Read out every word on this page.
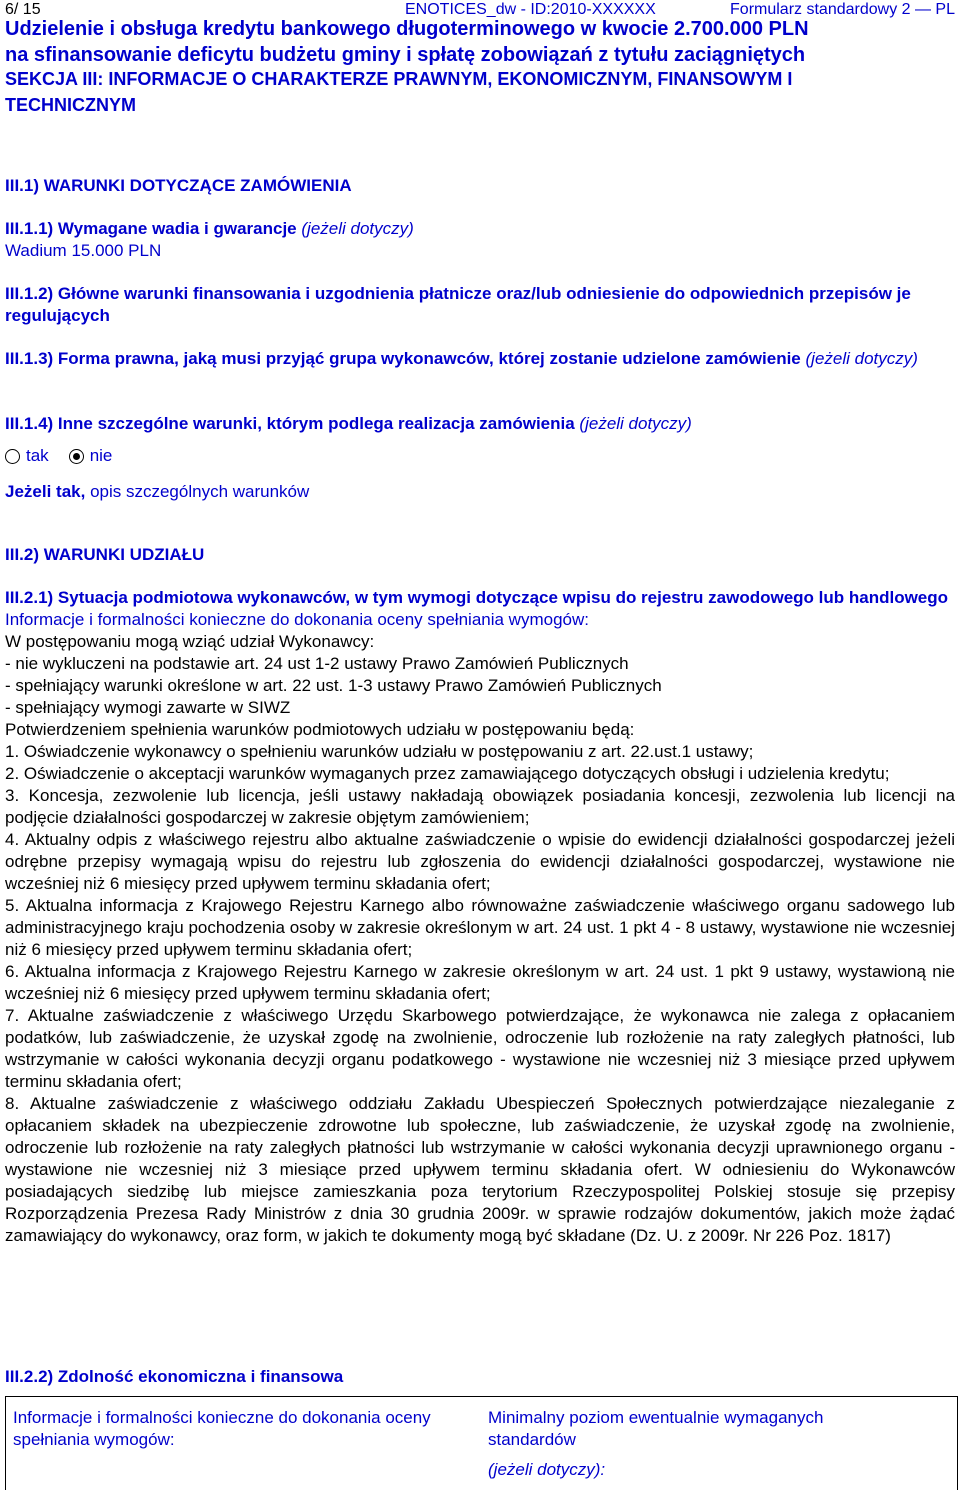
6/ 15	ENOTICES_dw - ID:2010-XXXXXX	Formularz standardowy 2 — PL
Udzielenie i obsługa kredytu bankowego długoterminowego w kwocie 2.700.000 PLN
na sfinansowanie deficytu budżetu gminy i spłatę zobowiązań z tytułu zaciągniętych
SEKCJA III: INFORMACJE O CHARAKTERZE PRAWNYM, EKONOMICZNYM, FINANSOWYM I
TECHNICZNYM
III.1) WARUNKI DOTYCZĄCE ZAMÓWIENIA
III.1.1) Wymagane wadia i gwarancje (jeżeli dotyczy)
Wadium 15.000 PLN
III.1.2) Główne warunki finansowania i uzgodnienia płatnicze oraz/lub odniesienie do odpowiednich przepisów je regulujących
III.1.3) Forma prawna, jaką musi przyjąć grupa wykonawców, której zostanie udzielone zamówienie (jeżeli dotyczy)
III.1.4) Inne szczególne warunki, którym podlega realizacja zamówienia (jeżeli dotyczy)
tak nie
Jeżeli tak, opis szczególnych warunków
III.2) WARUNKI UDZIAŁU
III.2.1) Sytuacja podmiotowa wykonawców, w tym wymogi dotyczące wpisu do rejestru zawodowego lub handlowego
Informacje i formalności konieczne do dokonania oceny spełniania wymogów:
W postępowaniu mogą wziąć udział Wykonawcy:
- nie wykluczeni na podstawie art. 24 ust 1-2 ustawy Prawo Zamówień Publicznych
- spełniający warunki określone w art. 22 ust. 1-3 ustawy Prawo Zamówień Publicznych
- spełniający wymogi zawarte w SIWZ
Potwierdzeniem spełnienia warunków podmiotowych udziału w postępowaniu będą:
1. Oświadczenie wykonawcy o spełnieniu warunków udziału w postępowaniu z art. 22.ust.1 ustawy;
2. Oświadczenie o akceptacji warunków wymaganych przez zamawiającego dotyczących obsługi i udzielenia kredytu;
3. Koncesja, zezwolenie lub licencja, jeśli ustawy nakładają obowiązek posiadania koncesji, zezwolenia lub licencji na podjęcie działalności gospodarczej w zakresie objętym zamówieniem;
4. Aktualny odpis z właściwego rejestru albo aktualne zaświadczenie o wpisie do ewidencji działalności gospodarczej jeżeli odrębne przepisy wymagają wpisu do rejestru lub zgłoszenia do ewidencji działalności gospodarczej, wystawione nie wcześniej niż 6 miesięcy przed upływem terminu składania ofert;
5. Aktualna informacja z Krajowego Rejestru Karnego albo równoważne zaświadczenie właściwego organu sadowego lub administracyjnego kraju pochodzenia osoby w zakresie określonym w art. 24 ust. 1 pkt 4 - 8 ustawy, wystawione nie wczesniej niż 6 miesięcy przed upływem terminu składania ofert;
6. Aktualna informacja z Krajowego Rejestru Karnego w zakresie określonym w art. 24 ust. 1 pkt 9 ustawy, wystawioną nie wcześniej niż 6 miesięcy przed upływem terminu składania ofert;
7. Aktualne zaświadczenie z właściwego Urzędu Skarbowego potwierdzające, że wykonawca nie zalega z opłacaniem podatków, lub zaświadczenie, że uzyskał zgodę na zwolnienie, odroczenie lub rozłożenie na raty zaległych płatności, lub wstrzymanie w całości wykonania decyzji organu podatkowego - wystawione nie wczesniej niż 3 miesiące przed upływem terminu składania ofert;
8. Aktualne zaświadczenie z właściwego oddziału Zakładu Ubespieczeń Społecznych potwierdzające niezaleganie z opłacaniem składek na ubezpieczenie zdrowotne lub społeczne, lub zaświadczenie, że uzyskał zgodę na zwolnienie, odroczenie lub rozłożenie na raty zaległych płatności lub wstrzymanie w całości wykonania decyzji uprawnionego organu - wystawione nie wczesniej niż 3 miesiące przed upływem terminu składania ofert. W odniesieniu do Wykonawców posiadających siedzibę lub miejsce zamieszkania poza terytorium Rzeczypospolitej Polskiej stosuje się przepisy Rozporządzenia Prezesa Rady Ministrów z dnia 30 grudnia 2009r. w sprawie rodzajów dokumentów, jakich może żądać zamawiający do wykonawcy, oraz form, w jakich te dokumenty mogą być składane (Dz. U. z 2009r. Nr 226 Poz. 1817)
III.2.2) Zdolność ekonomiczna i finansowa
Informacje i formalności konieczne do dokonania oceny spełniania wymogów:
Minimalny poziom ewentualnie wymaganych standardów
(jeżeli dotyczy):
